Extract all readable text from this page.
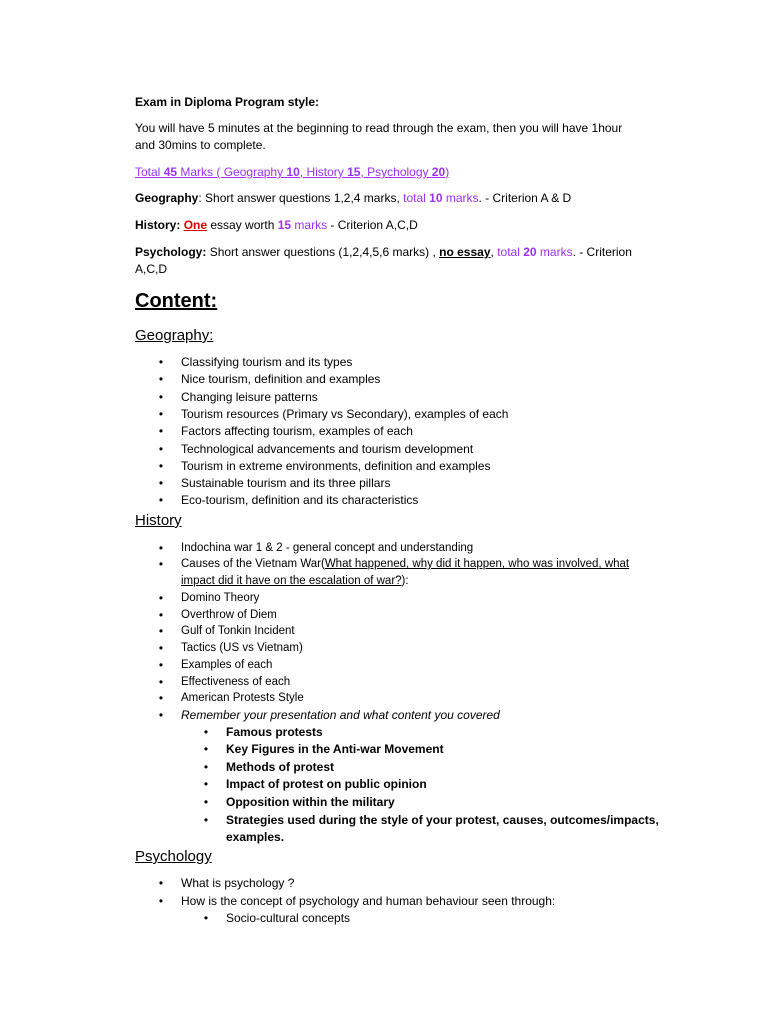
Exam in Diploma Program style:
You will have 5 minutes at the beginning to read through the exam, then you will have 1hour
and 30mins to complete.
Total 45 Marks ( Geography 10, History 15, Psychology 20)
Geography: Short answer questions 1,2,4 marks, total 10 marks. - Criterion A & D
History: One essay worth 15 marks - Criterion A,C,D
Psychology: Short answer questions (1,2,4,5,6 marks) , no essay, total 20 marks. - Criterion
A,C,D
Content:
Geography:
•	Classifying tourism and its types
•	Nice tourism, definition and examples
•	Changing leisure patterns
•	Tourism resources (Primary vs Secondary), examples of each
•	Factors affecting tourism, examples of each
•	Technological advancements and tourism development
•	Tourism in extreme environments, definition and examples
•	Sustainable tourism and its three pillars
•	Eco-tourism, definition and its characteristics
History
•	Indochina war 1 & 2 - general concept and understanding
•	Causes of the Vietnam War(What happened, why did it happen, who was involved, what
impact did it have on the escalation of war?):
•	Domino Theory
•	Overthrow of Diem
•	Gulf of Tonkin Incident
•	Tactics (US vs Vietnam)
•	Examples of each
•	Effectiveness of each
•	American Protests Style
•	Remember your presentation and what content you covered
•	Famous protests
•	Key Figures in the Anti-war Movement
•	Methods of protest
•	Impact of protest on public opinion
•	Opposition within the military
•	Strategies used during the style of your protest, causes, outcomes/impacts,
examples.
Psychology
•	What is psychology ?
•	How is the concept of psychology and human behaviour seen through:
•	Socio-cultural concepts
